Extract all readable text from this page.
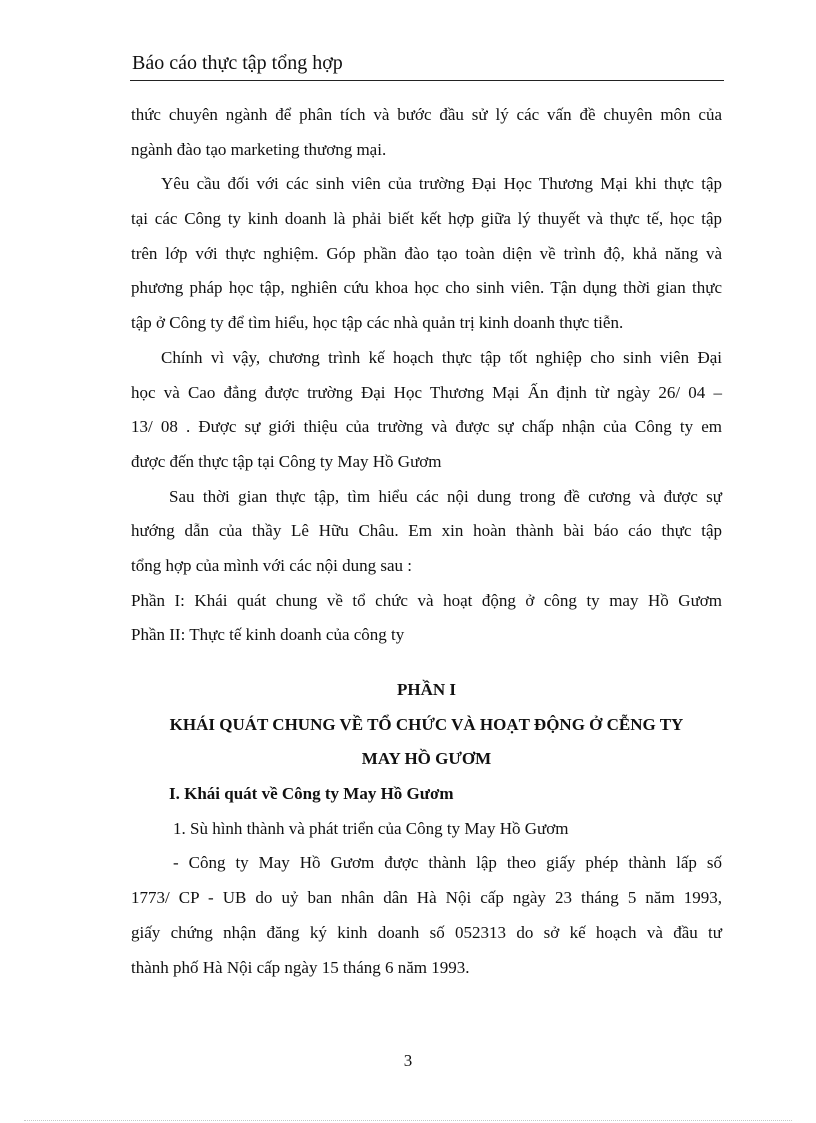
Báo cáo thực tập tổng hợp
thức chuyên ngành để phân tích và bước đầu sử lý các vấn đề chuyên môn của
ngành đào tạo marketing thương mại.
Yêu cầu đối với các sinh viên của trường Đại Học Thương Mại khi thực tập
tại các Công ty kinh doanh là phải biết kết hợp giữa lý thuyết và thực tế, học tập
trên lớp với thực nghiệm. Góp phần đào tạo toàn diện về trình độ, khả năng và
phương pháp học tập, nghiên cứu khoa học cho sinh viên. Tận dụng thời gian thực
tập ở Công ty để tìm hiểu, học tập các nhà quản trị kinh doanh thực tiễn.
Chính vì vậy, chương trình kế hoạch thực tập tốt nghiệp cho sinh viên Đại
học và Cao đẳng được trường Đại Học Thương Mại Ấn định từ ngày 26/ 04 –
13/ 08 . Được sự giới thiệu của trường và được sự chấp nhận của Công ty em
được đến thực tập tại Công ty May Hồ Gươm
Sau thời gian thực tập, tìm hiểu các nội dung trong đề cương và được sự
hướng dẫn của thầy Lê Hữu Châu. Em xin hoàn thành bài báo cáo thực tập
tổng hợp của mình với các nội dung sau :
Phần I: Khái quát chung về tổ chức và hoạt động ở công ty may Hồ Gươm
Phần II: Thực tế kinh doanh của công ty
PHẦN I
KHÁI QUÁT CHUNG VỀ TỔ CHỨC VÀ HOẠT ĐỘNG Ở CỄNG TY
MAY HỒ GƯƠM
I. Khái quát về Công ty May Hồ Gươm
1. Sù hình thành và phát triển của Công ty May Hồ Gươm
- Công ty May Hồ Gươm được thành lập theo giấy phép thành lấp số
1773/ CP - UB do uỷ ban nhân dân Hà Nội cấp ngày 23 tháng 5 năm 1993,
giấy chứng nhận đăng ký kinh doanh số 052313 do sở kế hoạch và đầu tư
thành phố Hà Nội cấp ngày 15 tháng 6 năm 1993.
3
